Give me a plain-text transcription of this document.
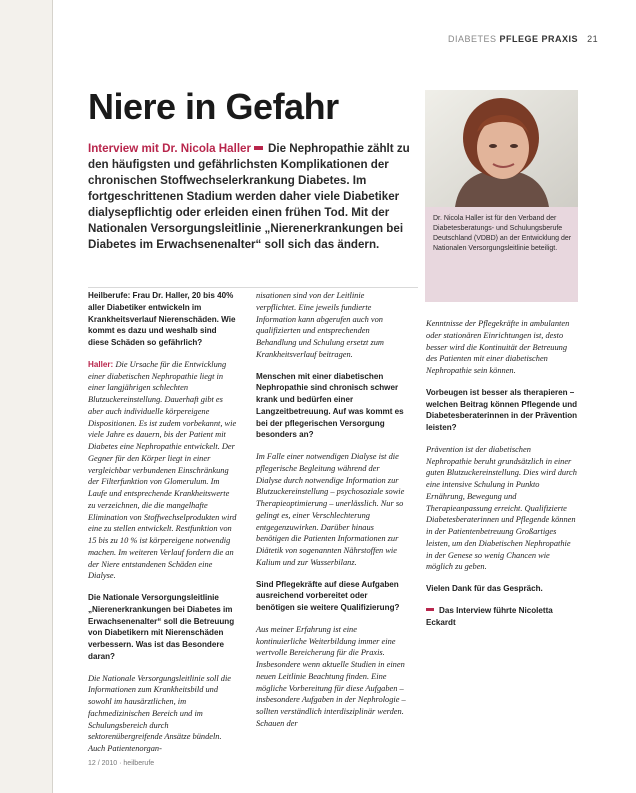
DIABETES PFLEGE PRAXIS 21
Niere in Gefahr
Interview mit Dr. Nicola Haller Die Nephropathie zählt zu den häufigsten und gefährlichsten Komplikationen der chronischen Stoffwechselerkrankung Diabetes. Im fortgeschrittenen Stadium werden daher viele Diabetiker dialysepflichtig oder erleiden einen frühen Tod. Mit der Nationalen Versorgungsleitlinie „Nierenerkrankungen bei Diabetes im Erwachsenenalter“ soll sich das ändern.
Dr. Nicola Haller ist für den Verband der Diabetesberatungs- und Schulungsberufe Deutschland (VDBD) an der Entwicklung der Nationalen Versorgungsleitlinie beteiligt.

Heilberufe: Frau Dr. Haller, 20 bis 40% aller Diabetiker entwickeln im Krankheitsverlauf Nierenschäden. Wie kommt es dazu und weshalb sind diese Schäden so gefährlich?

Haller: Die Ursache für die Entwicklung einer diabetischen Nephropathie liegt in einer langjährigen schlechten Blutzuckereinstellung. Dauerhaft gibt es aber auch individuelle körpereigene Dispositionen. Es ist zudem vorbekannt, wie viele Jahre es dauern, bis der Patient mit Diabetes eine Nephropathie entwickelt. Der Gegner für den Körper liegt in einer vergleichbar verbundenen Einschränkung der Filterfunktion von Glomerulum. Im Laufe und entsprechende Krankheitswerte zu verzeichnen, die die mangelhafte Elimination von Stoffwechselprodukten wird eine zu stellen entwickelt. Restfunktion von 15 bis zu 10 % ist körpereigene notwendig machen. Im weiteren Verlauf fordern die an der Niere entstandenen Schäden eine Dialyse.

Die Nationale Versorgungsleitlinie „Nierenerkrankungen bei Diabetes im Erwachsenenalter“ soll die Betreuung von Diabetikern mit Nierenschäden verbessern. Was ist das Besondere daran?

Die Nationale Versorgungsleitlinie soll die Informationen zum Krankheitsbild und sowohl im hausärztlichen, im fachmedizinischen Bereich und im Schulungsbereich durch sektorenübergreifende Ansätze bündeln. Auch Patientenorgan-

nisationen sind von der Leitlinie verpflichtet. Eine jeweils fundierte Information kann abgerufen auch von qualifizierten und entsprechenden Behandlung und Schulung ersetzt zum Krankheitsverlauf beitragen.

Menschen mit einer diabetischen Nephropathie sind chronisch schwer krank und bedürfen einer Langzeitbetreuung. Auf was kommt es bei der pflegerischen Versorgung besonders an?

Im Falle einer notwendigen Dialyse ist die pflegerische Begleitung während der Dialyse durch notwendige Information zur Blutzuckereinstellung – psychosoziale sowie Therapieoptimierung – unerlässlich. Nur so gelingt es, einer Verschlechterung entgegenzuwirken. Darüber hinaus benötigen die Patienten Informationen zur Diätetik von sogenannten Nährstoffen wie Kalium und zur Wasserbilanz.

Sind Pflegekräfte auf diese Aufgaben ausreichend vorbereitet oder benötigen sie weitere Qualifizierung?

Aus meiner Erfahrung ist eine kontinuierliche Weiterbildung immer eine wertvolle Bereicherung für die Praxis. Insbesondere wenn aktuelle Studien in einen neuen Leitlinie Beachtung finden. Eine mögliche Vorbereitung für diese Aufgaben – insbesondere Aufgaben in der Nephrologie – sollten verständlich interdisziplinär werden. Schauen der

Kenntnisse der Pflegekräfte in ambulanten oder stationären Einrichtungen ist, desto besser wird die Kontinuität der Betreuung des Patienten mit einer diabetischen Nephropathie sein können.

Vorbeugen ist besser als therapieren – welchen Beitrag können Pflegende und Diabetesberaterinnen in der Prävention leisten?

Prävention ist der diabetischen Nephropathie beruht grundsätzlich in einer guten Blutzuckereinstellung. Dies wird durch eine intensive Schulung in Punkto Ernährung, Bewegung und Therapieanpassung erreicht. Qualifizierte Diabetesberaterinnen und Pflegende können in der Patientenbetreuung Großartiges leisten, um den Diabetischen Nephropathie in der Genese so wenig Chancen wie möglich zu geben.

Vielen Dank für das Gespräch.

Das Interview führte Nicoletta Eckardt

12 / 2010 · heilberufe
